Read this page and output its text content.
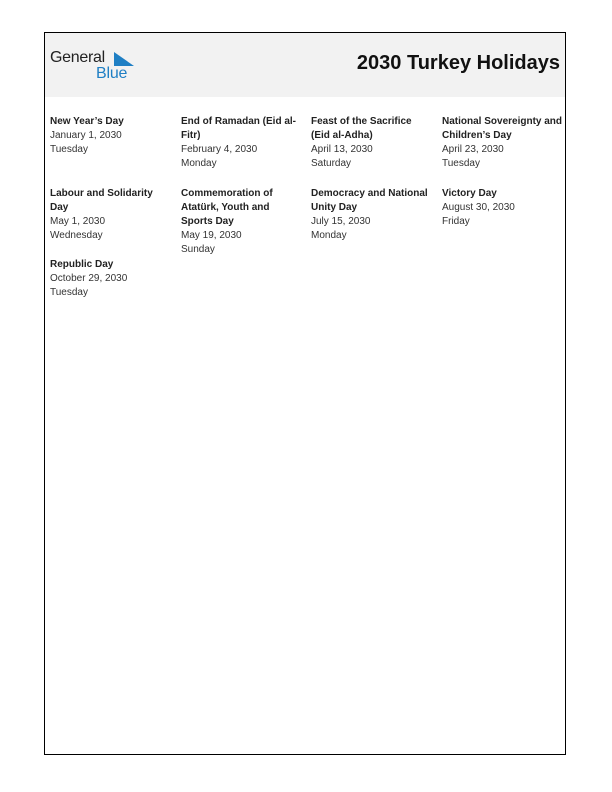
General
Blue	2030 Turkey Holidays
New Year’s Day
January 1, 2030
Tuesday
End of Ramadan (Eid al-Fitr)
February 4, 2030
Monday
Feast of the Sacrifice (Eid al-Adha)
April 13, 2030
Saturday
National Sovereignty and Children’s Day
April 23, 2030
Tuesday
Labour and Solidarity Day
May 1, 2030
Wednesday
Commemoration of Atatürk, Youth and Sports Day
May 19, 2030
Sunday
Democracy and National Unity Day
July 15, 2030
Monday
Victory Day
August 30, 2030
Friday
Republic Day
October 29, 2030
Tuesday
